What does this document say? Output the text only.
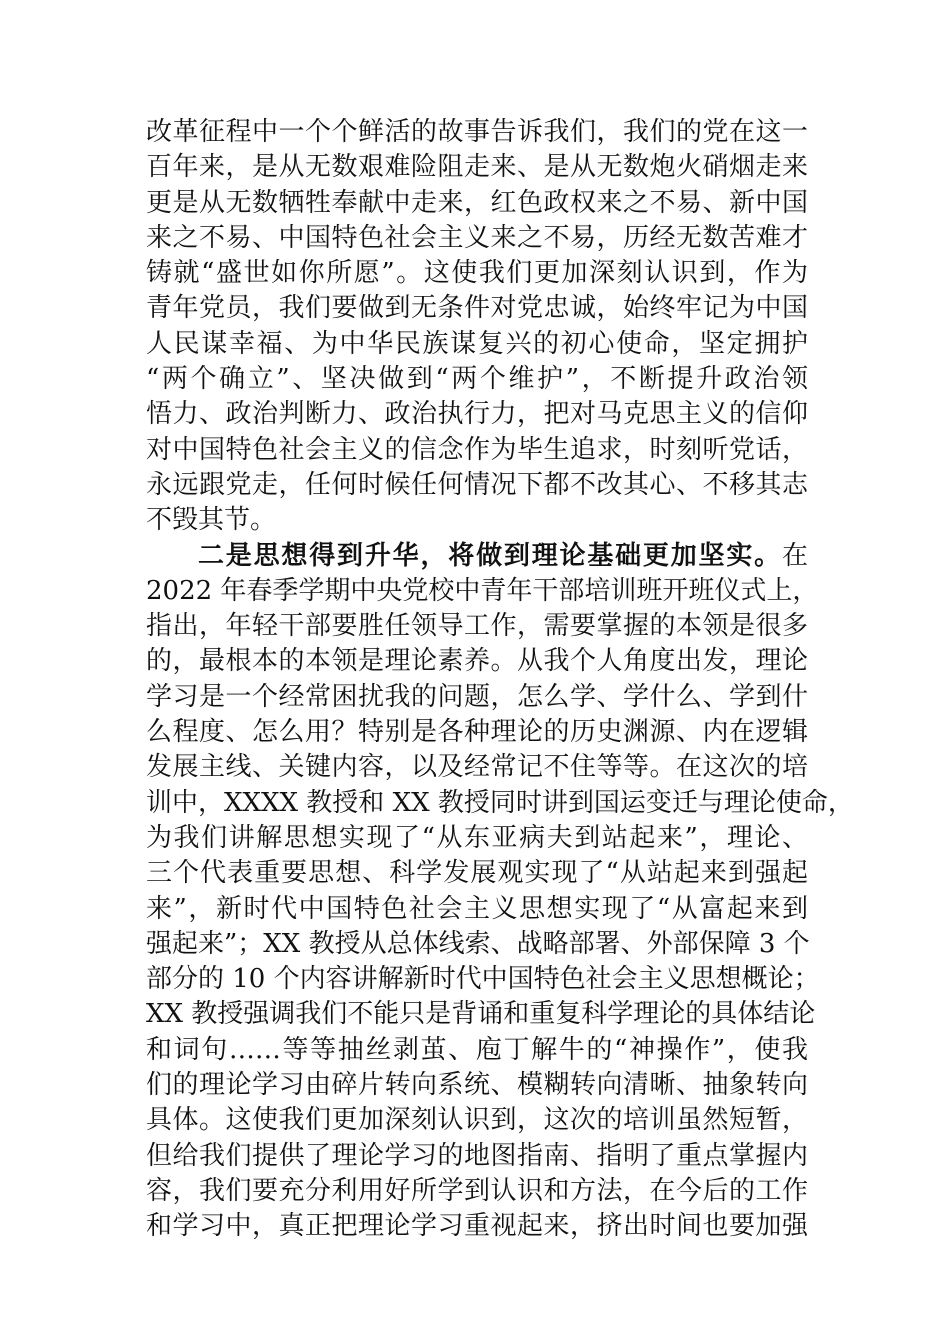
改革征程中一个个鲜活的故事告诉我们，我们的党在这一
百年来，是从无数艰难险阻走来、是从无数炮火硝烟走来
更是从无数牺牲奉献中走来，红色政权来之不易、新中国
来之不易、中国特色社会主义来之不易，历经无数苦难才
铸就“盛世如你所愿”。这使我们更加深刻认识到，作为
青年党员，我们要做到无条件对党忠诚，始终牢记为中国
人民谋幸福、为中华民族谋复兴的初心使命，坚定拥护
“两个确立”、坚决做到“两个维护”，不断提升政治领
悟力、政治判断力、政治执行力，把对马克思主义的信仰
对中国特色社会主义的信念作为毕生追求，时刻听党话，
永远跟党走，任何时候任何情况下都不改其心、不移其志
不毁其节。
二是思想得到升华，将做到理论基础更加坚实。在
2022 年春季学期中央党校中青年干部培训班开班仪式上，
指出，年轻干部要胜任领导工作，需要掌握的本领是很多
的，最根本的本领是理论素养。从我个人角度出发，理论
学习是一个经常困扰我的问题，怎么学、学什么、学到什
么程度、怎么用？特别是各种理论的历史渊源、内在逻辑
发展主线、关键内容，以及经常记不住等等。在这次的培
训中，XXXX 教授和 XX 教授同时讲到国运变迁与理论使命，
为我们讲解思想实现了“从东亚病夫到站起来”，理论、
三个代表重要思想、科学发展观实现了“从站起来到强起
来”，新时代中国特色社会主义思想实现了“从富起来到
强起来”；XX 教授从总体线索、战略部署、外部保障 3 个
部分的 10 个内容讲解新时代中国特色社会主义思想概论；
XX 教授强调我们不能只是背诵和重复科学理论的具体结论
和词句……等等抽丝剥茧、庖丁解牛的“神操作”，使我
们的理论学习由碎片转向系统、模糊转向清晰、抽象转向
具体。这使我们更加深刻认识到，这次的培训虽然短暂，
但给我们提供了理论学习的地图指南、指明了重点掌握内
容，我们要充分利用好所学到认识和方法，在今后的工作
和学习中，真正把理论学习重视起来，挤出时间也要加强
